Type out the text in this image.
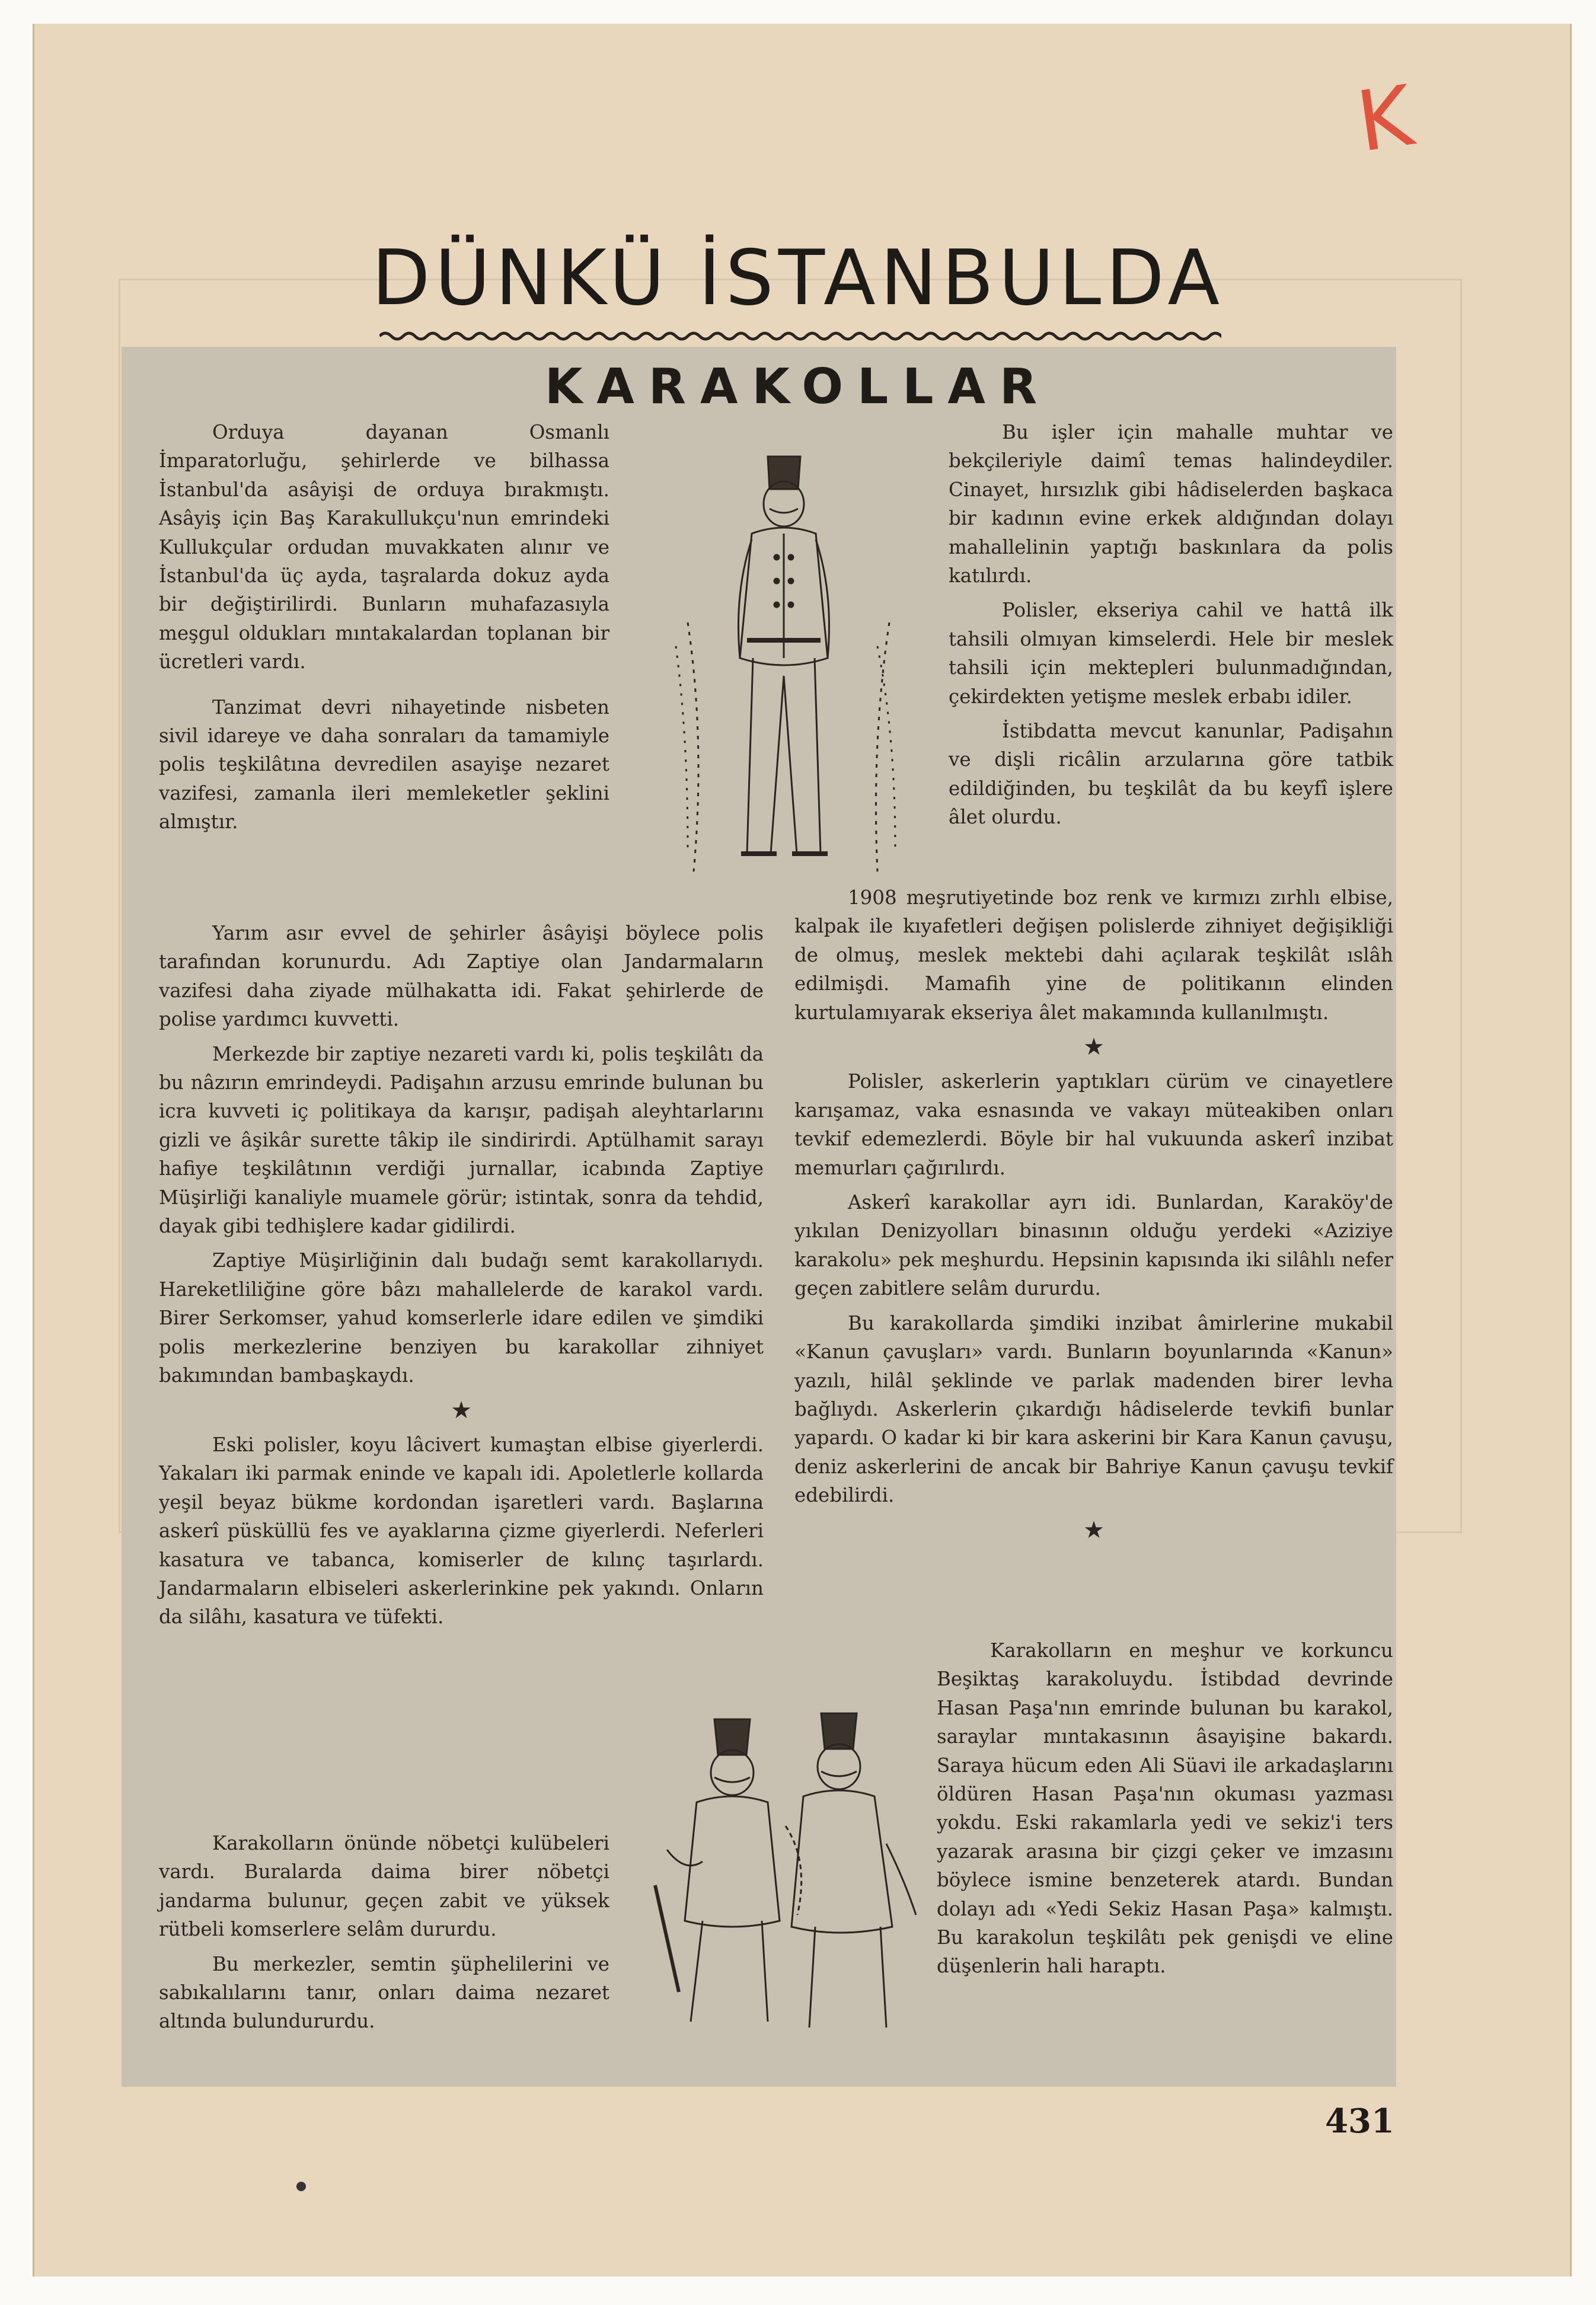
K
DÜNKÜ İSTANBULDA
KARAKOLLAR

Orduya dayanan Osmanlı İmparatorluğu, şehirlerde ve bilhassa İstanbul'da asâyişi de orduya bırakmıştı. Asâyiş için Baş Karakullukçu'nun emrindeki Kullukçular ordudan muvakkaten alınır ve İstanbul'da üç ayda, taşralarda dokuz ayda bir değiştirilirdi. Bunların muhafazasıyla meşgul oldukları mıntakalardan toplanan bir ücretleri vardı.

Tanzimat devri nihayetinde nisbeten sivil idareye ve daha sonraları da tamamiyle polis teşkilâtına devredilen asayişe nezaret vazifesi, zamanla ileri memleketler şeklini almıştır.

Yarım asır evvel de şehirler âsâyişi böylece polis tarafından korunurdu. Adı Zaptiye olan Jandarmaların vazifesi daha ziyade mülhakatta idi. Fakat şehirlerde de polise yardımcı kuvvetti.

Merkezde bir zaptiye nezareti vardı ki, polis teşkilâtı da bu nâzırın emrindeydi. Padişahın arzusu emrinde bulunan bu icra kuvveti iç politikaya da karışır, padişah aleyhtarlarını gizli ve âşikâr surette tâkip ile sindirirdi. Aptülhamit sarayı hafiye teşkilâtının verdiği jurnallar, icabında Zaptiye Müşirliği kanaliyle muamele görür; istintak, sonra da tehdid, dayak gibi tedhişlere kadar gidilirdi.

Zaptiye Müşirliğinin dalı budağı semt karakollarıydı. Hareketliliğine göre bâzı mahallelerde de karakol vardı. Birer Serkomser, yahud komserlerle idare edilen ve şimdiki polis merkezlerine benziyen bu karakollar zihniyet bakımından bambaşkaydı.

★

Eski polisler, koyu lâcivert kumaştan elbise giyerlerdi. Yakaları iki parmak eninde ve kapalı idi. Apoletlerle kollarda yeşil beyaz bükme kordondan işaretleri vardı. Başlarına askerî püsküllü fes ve ayaklarına çizme giyerlerdi. Neferleri kasatura ve tabanca, komiserler de kılınç taşırlardı. Jandarmaların elbiseleri askerlerinkine pek yakındı. Onların da silâhı, kasatura ve tüfekti.

Karakolların önünde nöbetçi kulübeleri vardı. Buralarda daima birer nöbetçi jandarma bulunur, geçen zabit ve yüksek rütbeli komserlere selâm dururdu.

Bu merkezler, semtin şüphelilerini ve sabıkalılarını tanır, onları daima nezaret altında bulundururdu.

Bu işler için mahalle muhtar ve bekçileriyle daimî temas halindeydiler. Cinayet, hırsızlık gibi hâdiselerden başkaca bir kadının evine erkek aldığından dolayı mahallelinin yaptığı baskınlara da polis katılırdı.

Polisler, ekseriya cahil ve hattâ ilk tahsili olmıyan kimselerdi. Hele bir meslek tahsili için mektepleri bulunmadığından, çekirdekten yetişme meslek erbabı idiler.

İstibdatta mevcut kanunlar, Padişahın ve dişli ricâlin arzularına göre tatbik edildiğinden, bu teşkilât da bu keyfî işlere âlet olurdu.

1908 meşrutiyetinde boz renk ve kırmızı zırhlı elbise, kalpak ile kıyafetleri değişen polislerde zihniyet değişikliği de olmuş, meslek mektebi dahi açılarak teşkilât ıslâh edilmişdi. Mamafih yine de politikanın elinden kurtulamıyarak ekseriya âlet makamında kullanılmıştı.

★

Polisler, askerlerin yaptıkları cürüm ve cinayetlere karışamaz, vaka esnasında ve vakayı müteakiben onları tevkif edemezlerdi. Böyle bir hal vukuunda askerî inzibat memurları çağırılırdı.

Askerî karakollar ayrı idi. Bunlardan, Karaköy'de yıkılan Denizyolları binasının olduğu yerdeki «Aziziye karakolu» pek meşhurdu. Hepsinin kapısında iki silâhlı nefer geçen zabitlere selâm dururdu.

Bu karakollarda şimdiki inzibat âmirlerine mukabil «Kanun çavuşları» vardı. Bunların boyunlarında «Kanun» yazılı, hilâl şeklinde ve parlak madenden birer levha bağlıydı. Askerlerin çıkardığı hâdiselerde tevkifi bunlar yapardı. O kadar ki bir kara askerini bir Kara Kanun çavuşu, deniz askerlerini de ancak bir Bahriye Kanun çavuşu tevkif edebilirdi.

★

Karakolların en meşhur ve korkuncu Beşiktaş karakoluydu. İstibdad devrinde Hasan Paşa'nın emrinde bulunan bu karakol, saraylar mıntakasının âsayişine bakardı. Saraya hücum eden Ali Süavi ile arkadaşlarını öldüren Hasan Paşa'nın okuması yazması yokdu. Eski rakamlarla yedi ve sekiz'i ters yazarak arasına bir çizgi çeker ve imzasını böylece ismine benzeterek atardı. Bundan dolayı adı «Yedi Sekiz Hasan Paşa» kalmıştı. Bu karakolun teşkilâtı pek genişdi ve eline düşenlerin hali haraptı.

431
